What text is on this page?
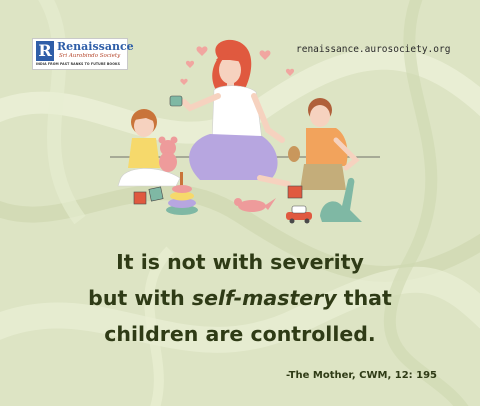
R Renaissance
Sri Aurobindo Society
INDIA FROM PAST RANKS TO FUTURE BOOKS
renaissance.aurosociety.org
It is not with severity
but with self-mastery that
children are controlled.
-The Mother, CWM, 12: 195
